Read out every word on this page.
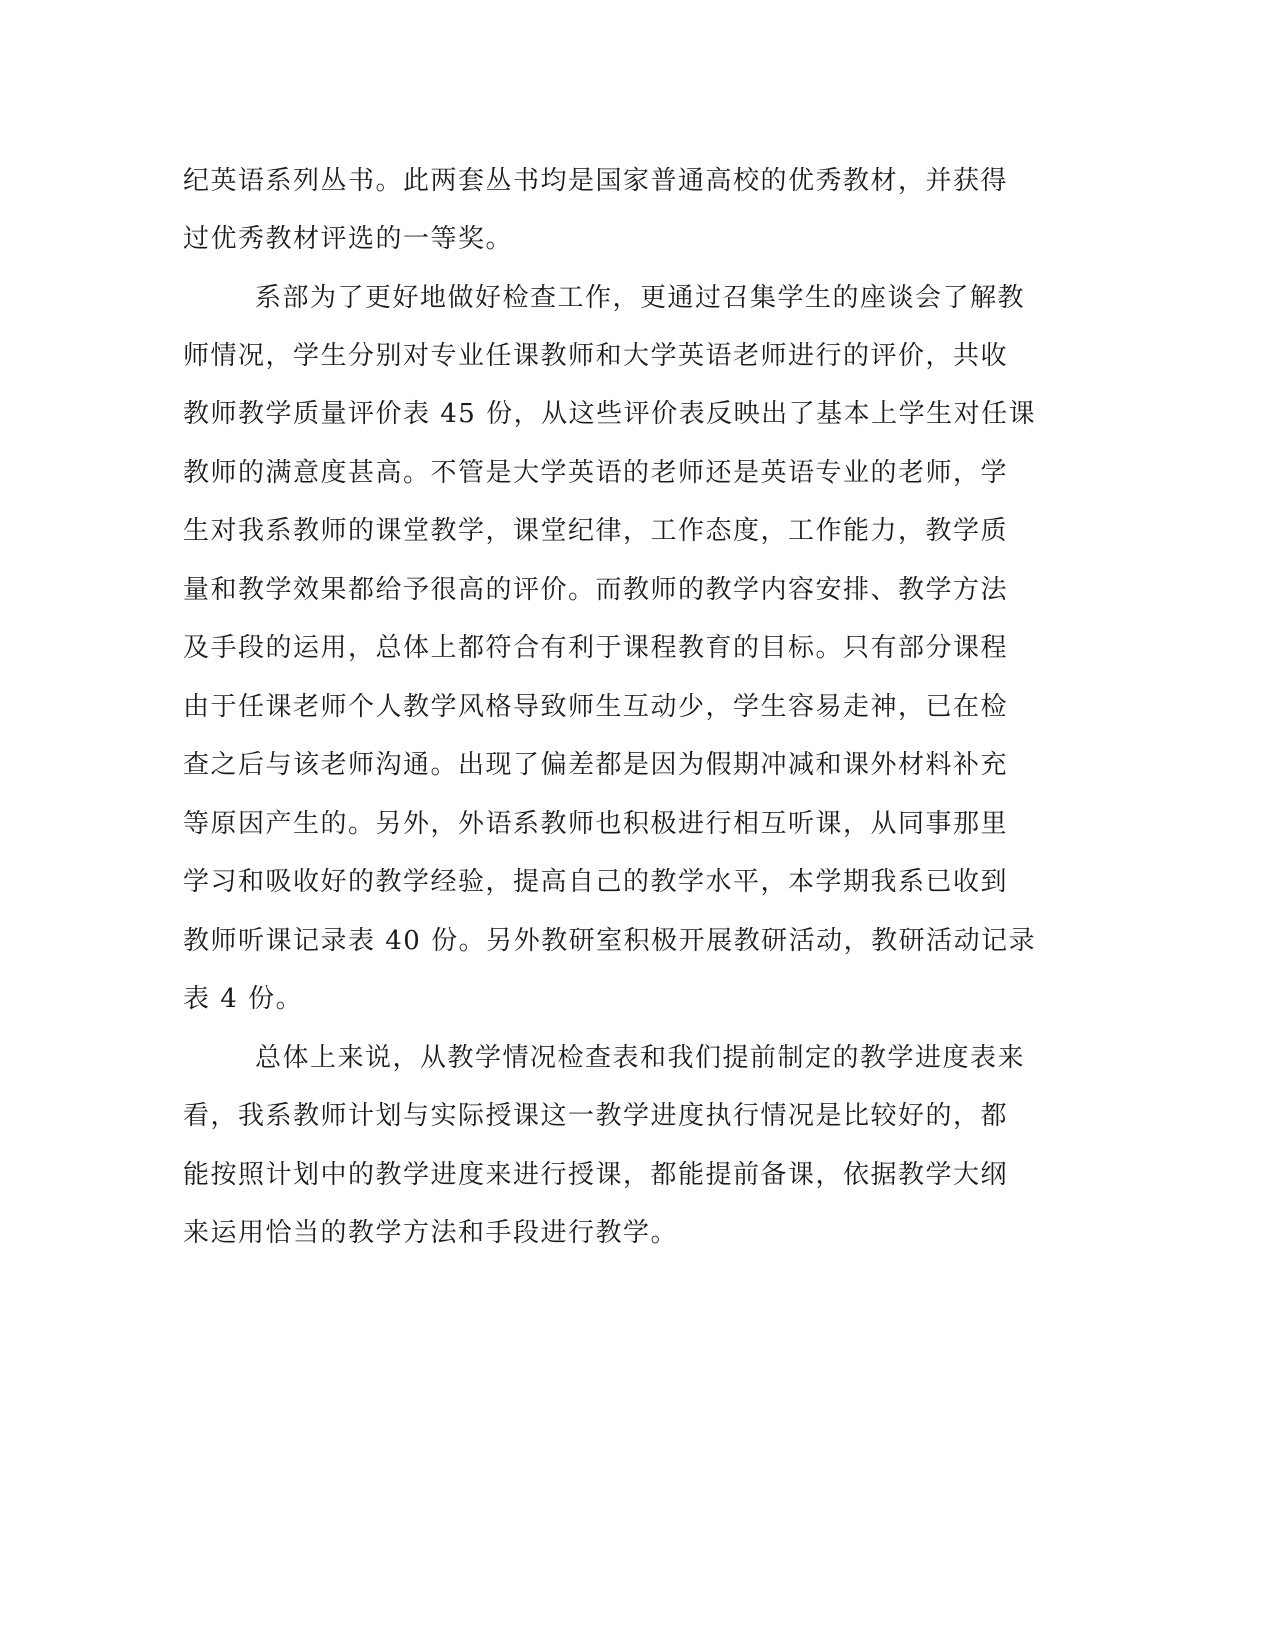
纪英语系列丛书。此两套丛书均是国家普通高校的优秀教材，并获得
过优秀教材评选的一等奖。
系部为了更好地做好检查工作，更通过召集学生的座谈会了解教
师情况，学生分别对专业任课教师和大学英语老师进行的评价，共收
教师教学质量评价表 45 份，从这些评价表反映出了基本上学生对任课
教师的满意度甚高。不管是大学英语的老师还是英语专业的老师，学
生对我系教师的课堂教学，课堂纪律，工作态度，工作能力，教学质
量和教学效果都给予很高的评价。而教师的教学内容安排、教学方法
及手段的运用，总体上都符合有利于课程教育的目标。只有部分课程
由于任课老师个人教学风格导致师生互动少，学生容易走神，已在检
查之后与该老师沟通。出现了偏差都是因为假期冲减和课外材料补充
等原因产生的。另外，外语系教师也积极进行相互听课，从同事那里
学习和吸收好的教学经验，提高自己的教学水平，本学期我系已收到
教师听课记录表 40 份。另外教研室积极开展教研活动，教研活动记录
表 4 份。
总体上来说，从教学情况检查表和我们提前制定的教学进度表来
看，我系教师计划与实际授课这一教学进度执行情况是比较好的，都
能按照计划中的教学进度来进行授课，都能提前备课，依据教学大纲
来运用恰当的教学方法和手段进行教学。
